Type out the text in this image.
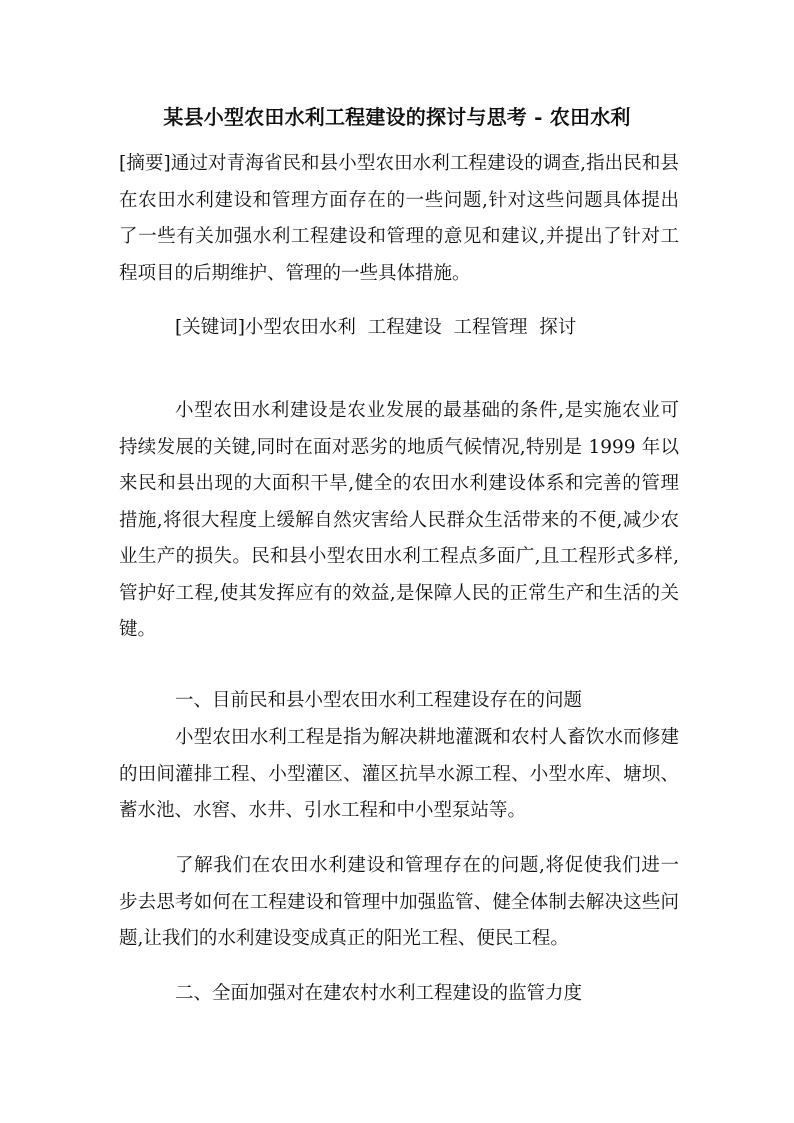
某县小型农田水利工程建设的探讨与思考 - 农田水利
[摘要]通过对青海省民和县小型农田水利工程建设的调查,指出民和县在农田水利建设和管理方面存在的一些问题,针对这些问题具体提出了一些有关加强水利工程建设和管理的意见和建议,并提出了针对工程项目的后期维护、管理的一些具体措施。
[关键词]小型农田水利  工程建设  工程管理  探讨
小型农田水利建设是农业发展的最基础的条件,是实施农业可持续发展的关键,同时在面对恶劣的地质气候情况,特别是 1999 年以来民和县出现的大面积干旱,健全的农田水利建设体系和完善的管理措施,将很大程度上缓解自然灾害给人民群众生活带来的不便,减少农业生产的损失。民和县小型农田水利工程点多面广,且工程形式多样,管护好工程,使其发挥应有的效益,是保障人民的正常生产和生活的关键。
一、目前民和县小型农田水利工程建设存在的问题
小型农田水利工程是指为解决耕地灌溉和农村人畜饮水而修建的田间灌排工程、小型灌区、灌区抗旱水源工程、小型水库、塘坝、蓄水池、水窖、水井、引水工程和中小型泵站等。
了解我们在农田水利建设和管理存在的问题,将促使我们进一步去思考如何在工程建设和管理中加强监管、健全体制去解决这些问题,让我们的水利建设变成真正的阳光工程、便民工程。
二、全面加强对在建农村水利工程建设的监管力度
